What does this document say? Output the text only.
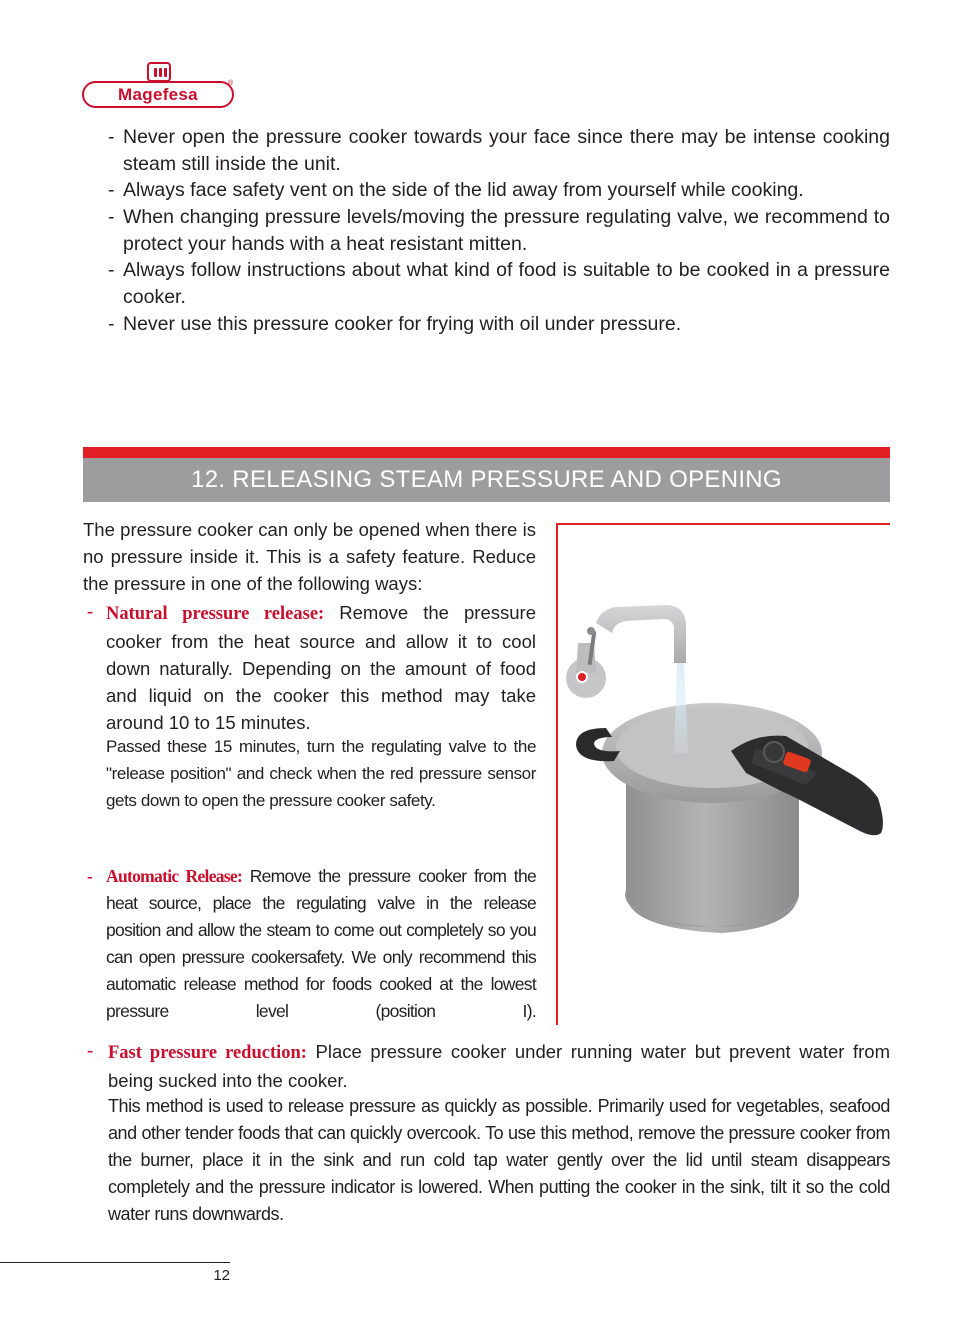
Magefesa
®
- Never open the pressure cooker towards your face since there may be intense cooking steam still inside the unit.
- Always face safety vent on the side of the lid away from yourself while cooking.
- When changing pressure levels/moving the pressure regulating valve, we recommend to protect your hands with a heat resistant mitten.
- Always follow instructions about what kind of food is suitable to be cooked in a pressure cooker.
- Never use this pressure cooker for frying with oil under pressure.
12. RELEASING STEAM PRESSURE AND OPENING
The pressure cooker can only be opened when there is no pressure inside it. This is a safety feature. Reduce the pressure in one of the following ways:
- Natural pressure release: Remove the pressure cooker from the heat source and allow it to cool down naturally. Depending on the amount of food and liquid on the cooker this method may take around 10 to 15 minutes.
Passed these 15 minutes, turn the regulating valve to the "release position" and check when the red pressure sensor gets down to open the pressure cooker safety.
- Automatic Release: Remove the pressure cooker from the heat source, place the regulating valve in the release position and allow the steam to come out completely so you can open pressure cookersafety. We only recommend this automatic release method for foods cooked at the lowest pressure level (position I).
- Fast pressure reduction: Place pressure cooker under running water but prevent water from being sucked into the cooker.
This method is used to release pressure as quickly as possible. Primarily used for vegetables, seafood and other tender foods that can quickly overcook. To use this method, remove the pressure cooker from the burner, place it in the sink and run cold tap water gently over the lid until steam disappears completely and the pressure indicator is lowered. When putting the cooker in the sink, tilt it so the cold water runs downwards.
12
